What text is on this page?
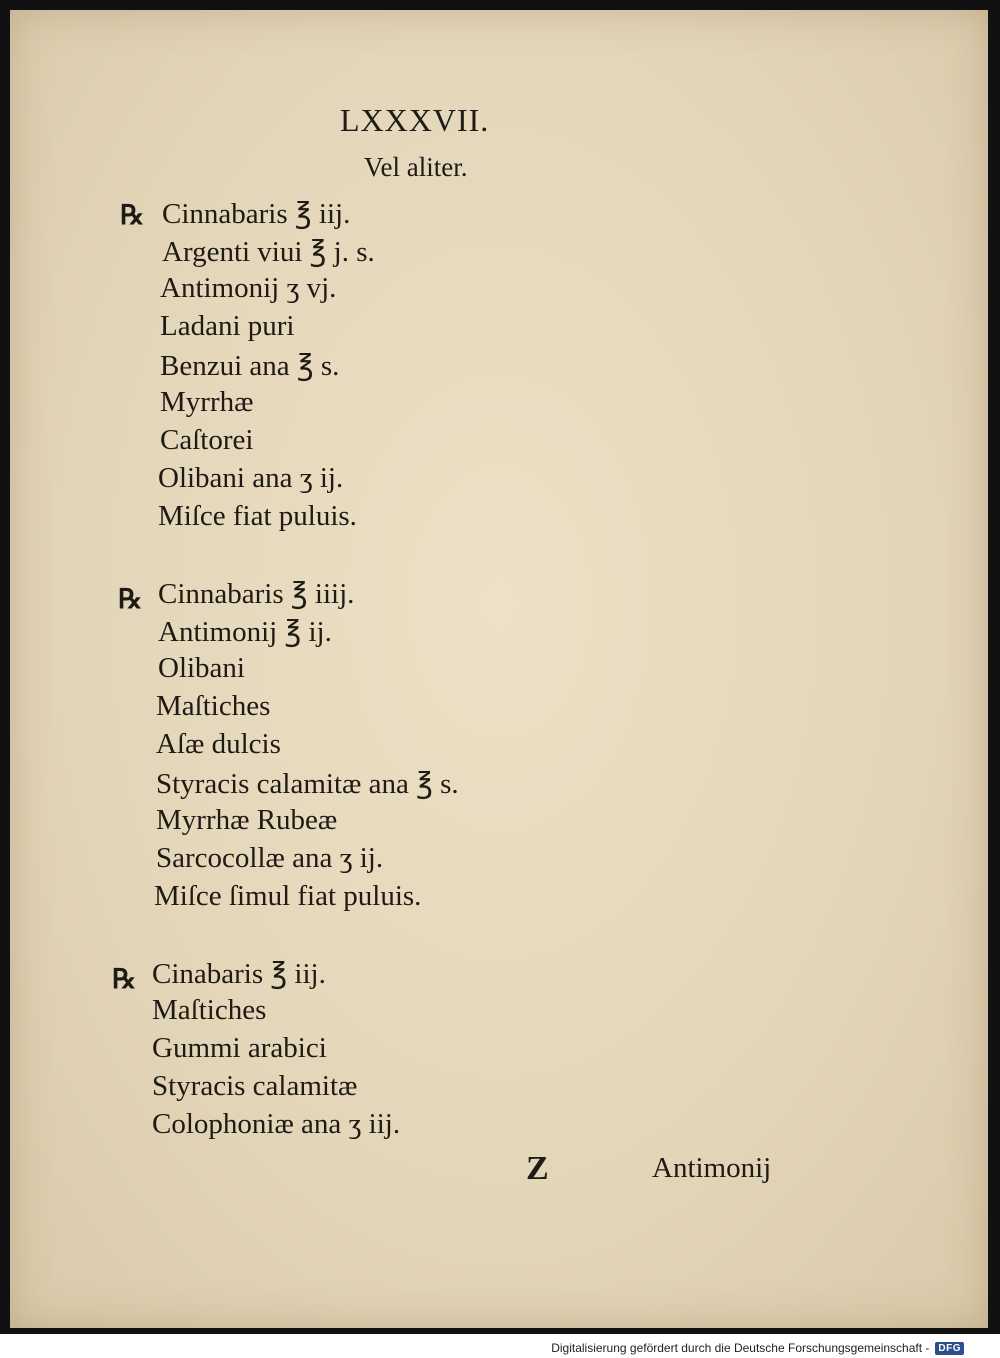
LXXXVII.
Vel aliter.
℞ Cinnabaris ℥ iiј.
Argenti viui ℥ ј. s.
Antimonij ʒ vj.
Ladani puri
Benzui ana ℥ s.
Myrrhæ
Caſtorei
Olibani ana ʒ ij.
Miſce fiat puluis.
℞ Cinnabaris ℥ iiij.
Antimonij ℥ ij.
Olibani
Maſtiches
Aſæ dulcis
Styracis calamitæ ana ℥ s.
Myrrhæ Rubeæ
Sarcocollæ ana ʒ ij.
Miſce ſimul fiat puluis.
℞ Cinabaris ℥ iij.
Maſtiches
Gummi arabici
Styracis calamitæ
Colophoniæ ana ʒ iij.
Z	Antimonij
Digitalisierung gefördert durch die Deutsche Forschungsgemeinschaft - DFG
